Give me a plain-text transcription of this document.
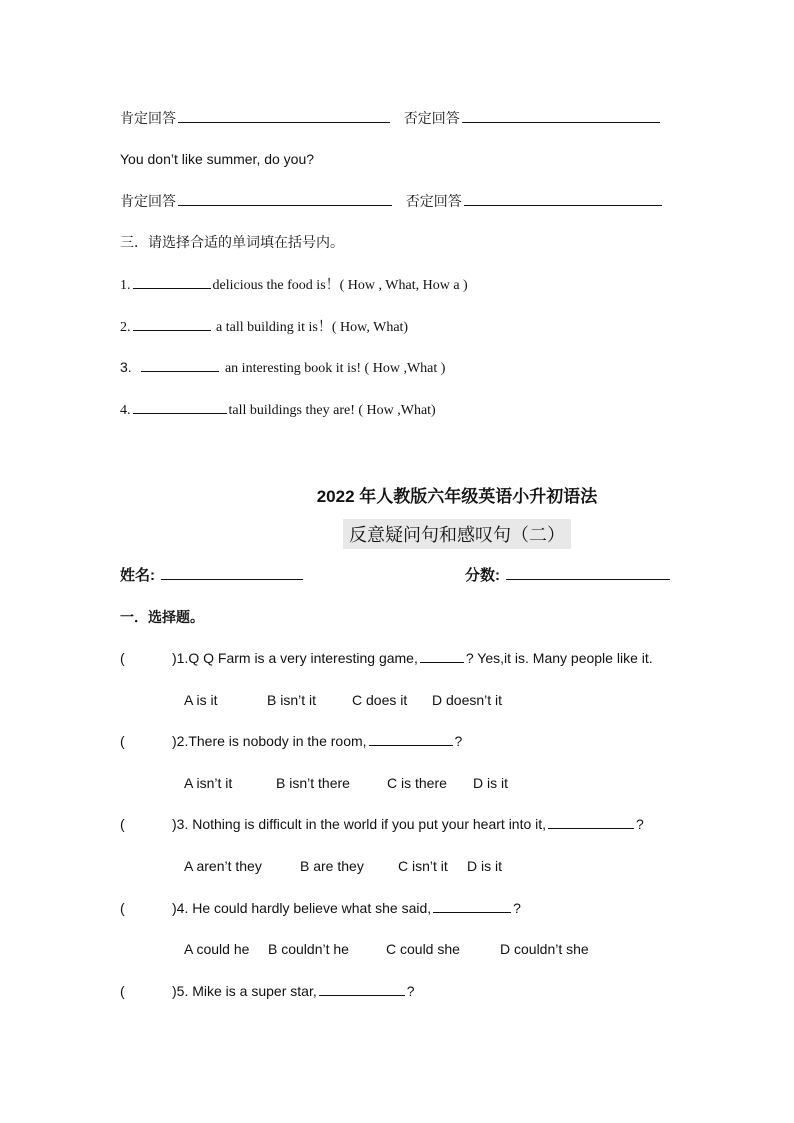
肯定回答	否定回答
You don’t like summer, do you?
肯定回答	否定回答
三．请选择合适的单词填在括号内。
1.	delicious the food is！( How , What, How a )
2.	a tall building it is！( How, What)
3.	an interesting book it is! ( How ,What )
4.	tall buildings they are! ( How ,What)
2022 年人教版六年级英语小升初语法
反意疑问句和感叹句（二）
姓名:	分数:
一．选择题。
(	)1.Q Q Farm is a very interesting game,	? Yes,it is. Many people like it.
A is it	B isn’t it	C does it D doesn’t it
(	)2.There is nobody in the room,	?
A isn’t it	B isn’t there	C is there D is it
(	)3. Nothing is difficult in the world if you put your heart into it,	?
A aren’t they	B are they C isn’t it D is it
(	)4. He could hardly believe what she said,	?
A could he B couldn’t he	C could she	D couldn’t she
(	)5. Mike is a super star,	?
